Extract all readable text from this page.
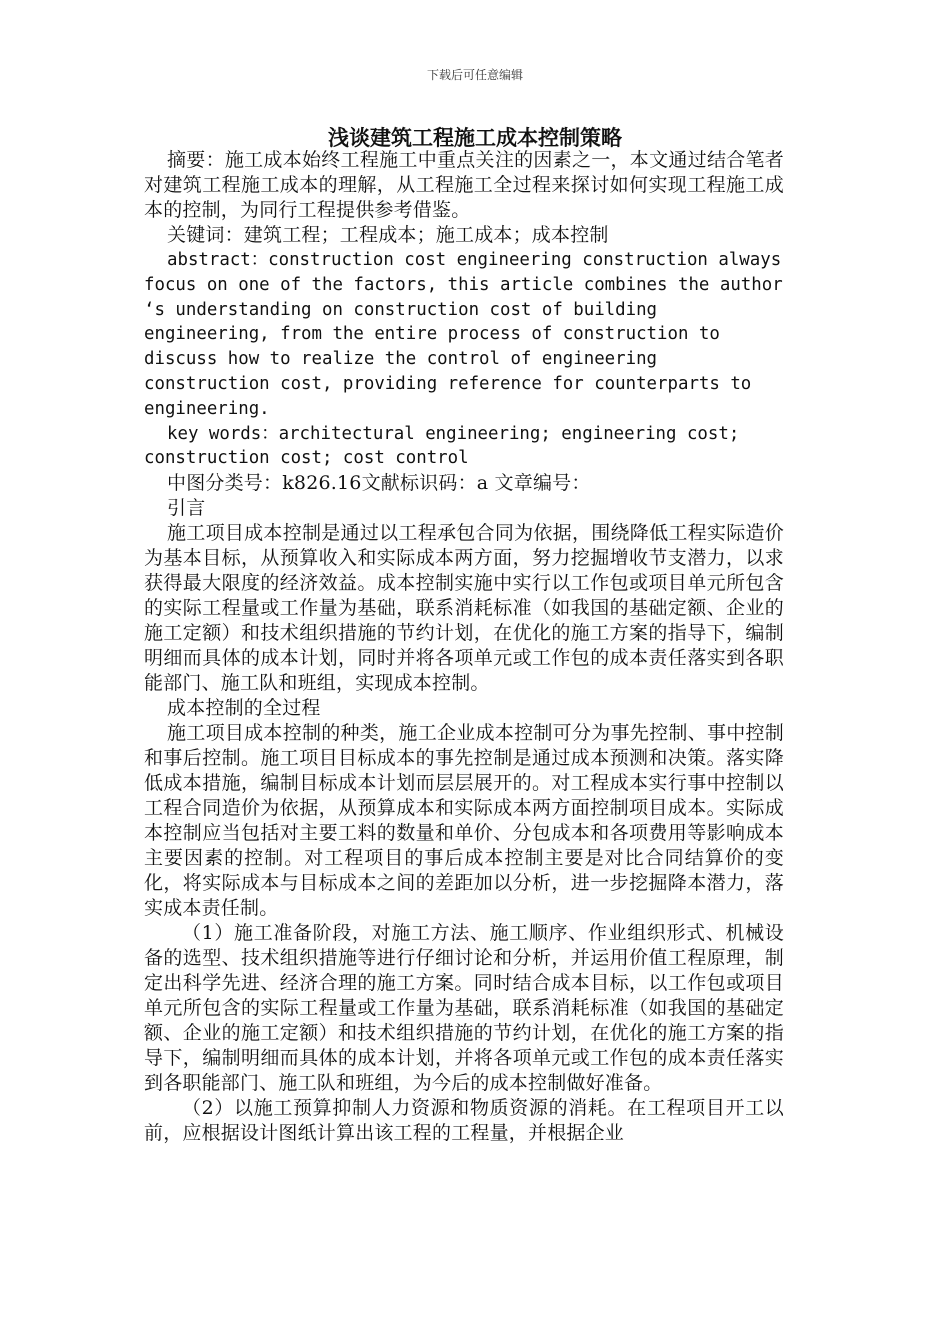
下载后可任意编辑
浅谈建筑工程施工成本控制策略

摘要：施工成本始终工程施工中重点关注的因素之一，本文通过结合笔者对建筑工程施工成本的理解，从工程施工全过程来探讨如何实现工程施工成本的控制，为同行工程提供参考借鉴。

关键词：建筑工程；工程成本；施工成本；成本控制

abstract：construction cost engineering construction always focus on one of the factors, this article combines the author ‘s understanding on construction cost of building engineering, from the entire process of construction to discuss how to realize the control of engineering construction cost, providing reference for counterparts to engineering.

key words：architectural engineering; engineering cost; construction cost; cost control

中图分类号：k826.16文献标识码：a 文章编号：

引言

施工项目成本控制是通过以工程承包合同为依据，围绕降低工程实际造价为基本目标，从预算收入和实际成本两方面，努力挖掘增收节支潜力，以求获得最大限度的经济效益。成本控制实施中实行以工作包或项目单元所包含的实际工程量或工作量为基础，联系消耗标准（如我国的基础定额、企业的施工定额）和技术组织措施的节约计划，在优化的施工方案的指导下，编制明细而具体的成本计划，同时并将各项单元或工作包的成本责任落实到各职能部门、施工队和班组，实现成本控制。

成本控制的全过程

施工项目成本控制的种类，施工企业成本控制可分为事先控制、事中控制和事后控制。施工项目目标成本的事先控制是通过成本预测和决策。落实降低成本措施，编制目标成本计划而层层展开的。对工程成本实行事中控制以工程合同造价为依据，从预算成本和实际成本两方面控制项目成本。实际成本控制应当包括对主要工料的数量和单价、分包成本和各项费用等影响成本主要因素的控制。对工程项目的事后成本控制主要是对比合同结算价的变化，将实际成本与目标成本之间的差距加以分析，进一步挖掘降本潜力，落实成本责任制。

（1）施工准备阶段，对施工方法、施工顺序、作业组织形式、机械设备的选型、技术组织措施等进行仔细讨论和分析，并运用价值工程原理，制定出科学先进、经济合理的施工方案。同时结合成本目标，以工作包或项目单元所包含的实际工程量或工作量为基础，联系消耗标准（如我国的基础定额、企业的施工定额）和技术组织措施的节约计划，在优化的施工方案的指导下，编制明细而具体的成本计划，并将各项单元或工作包的成本责任落实到各职能部门、施工队和班组，为今后的成本控制做好准备。

（2）以施工预算抑制人力资源和物质资源的消耗。在工程项目开工以前，应根据设计图纸计算出该工程的工程量，并根据企业
